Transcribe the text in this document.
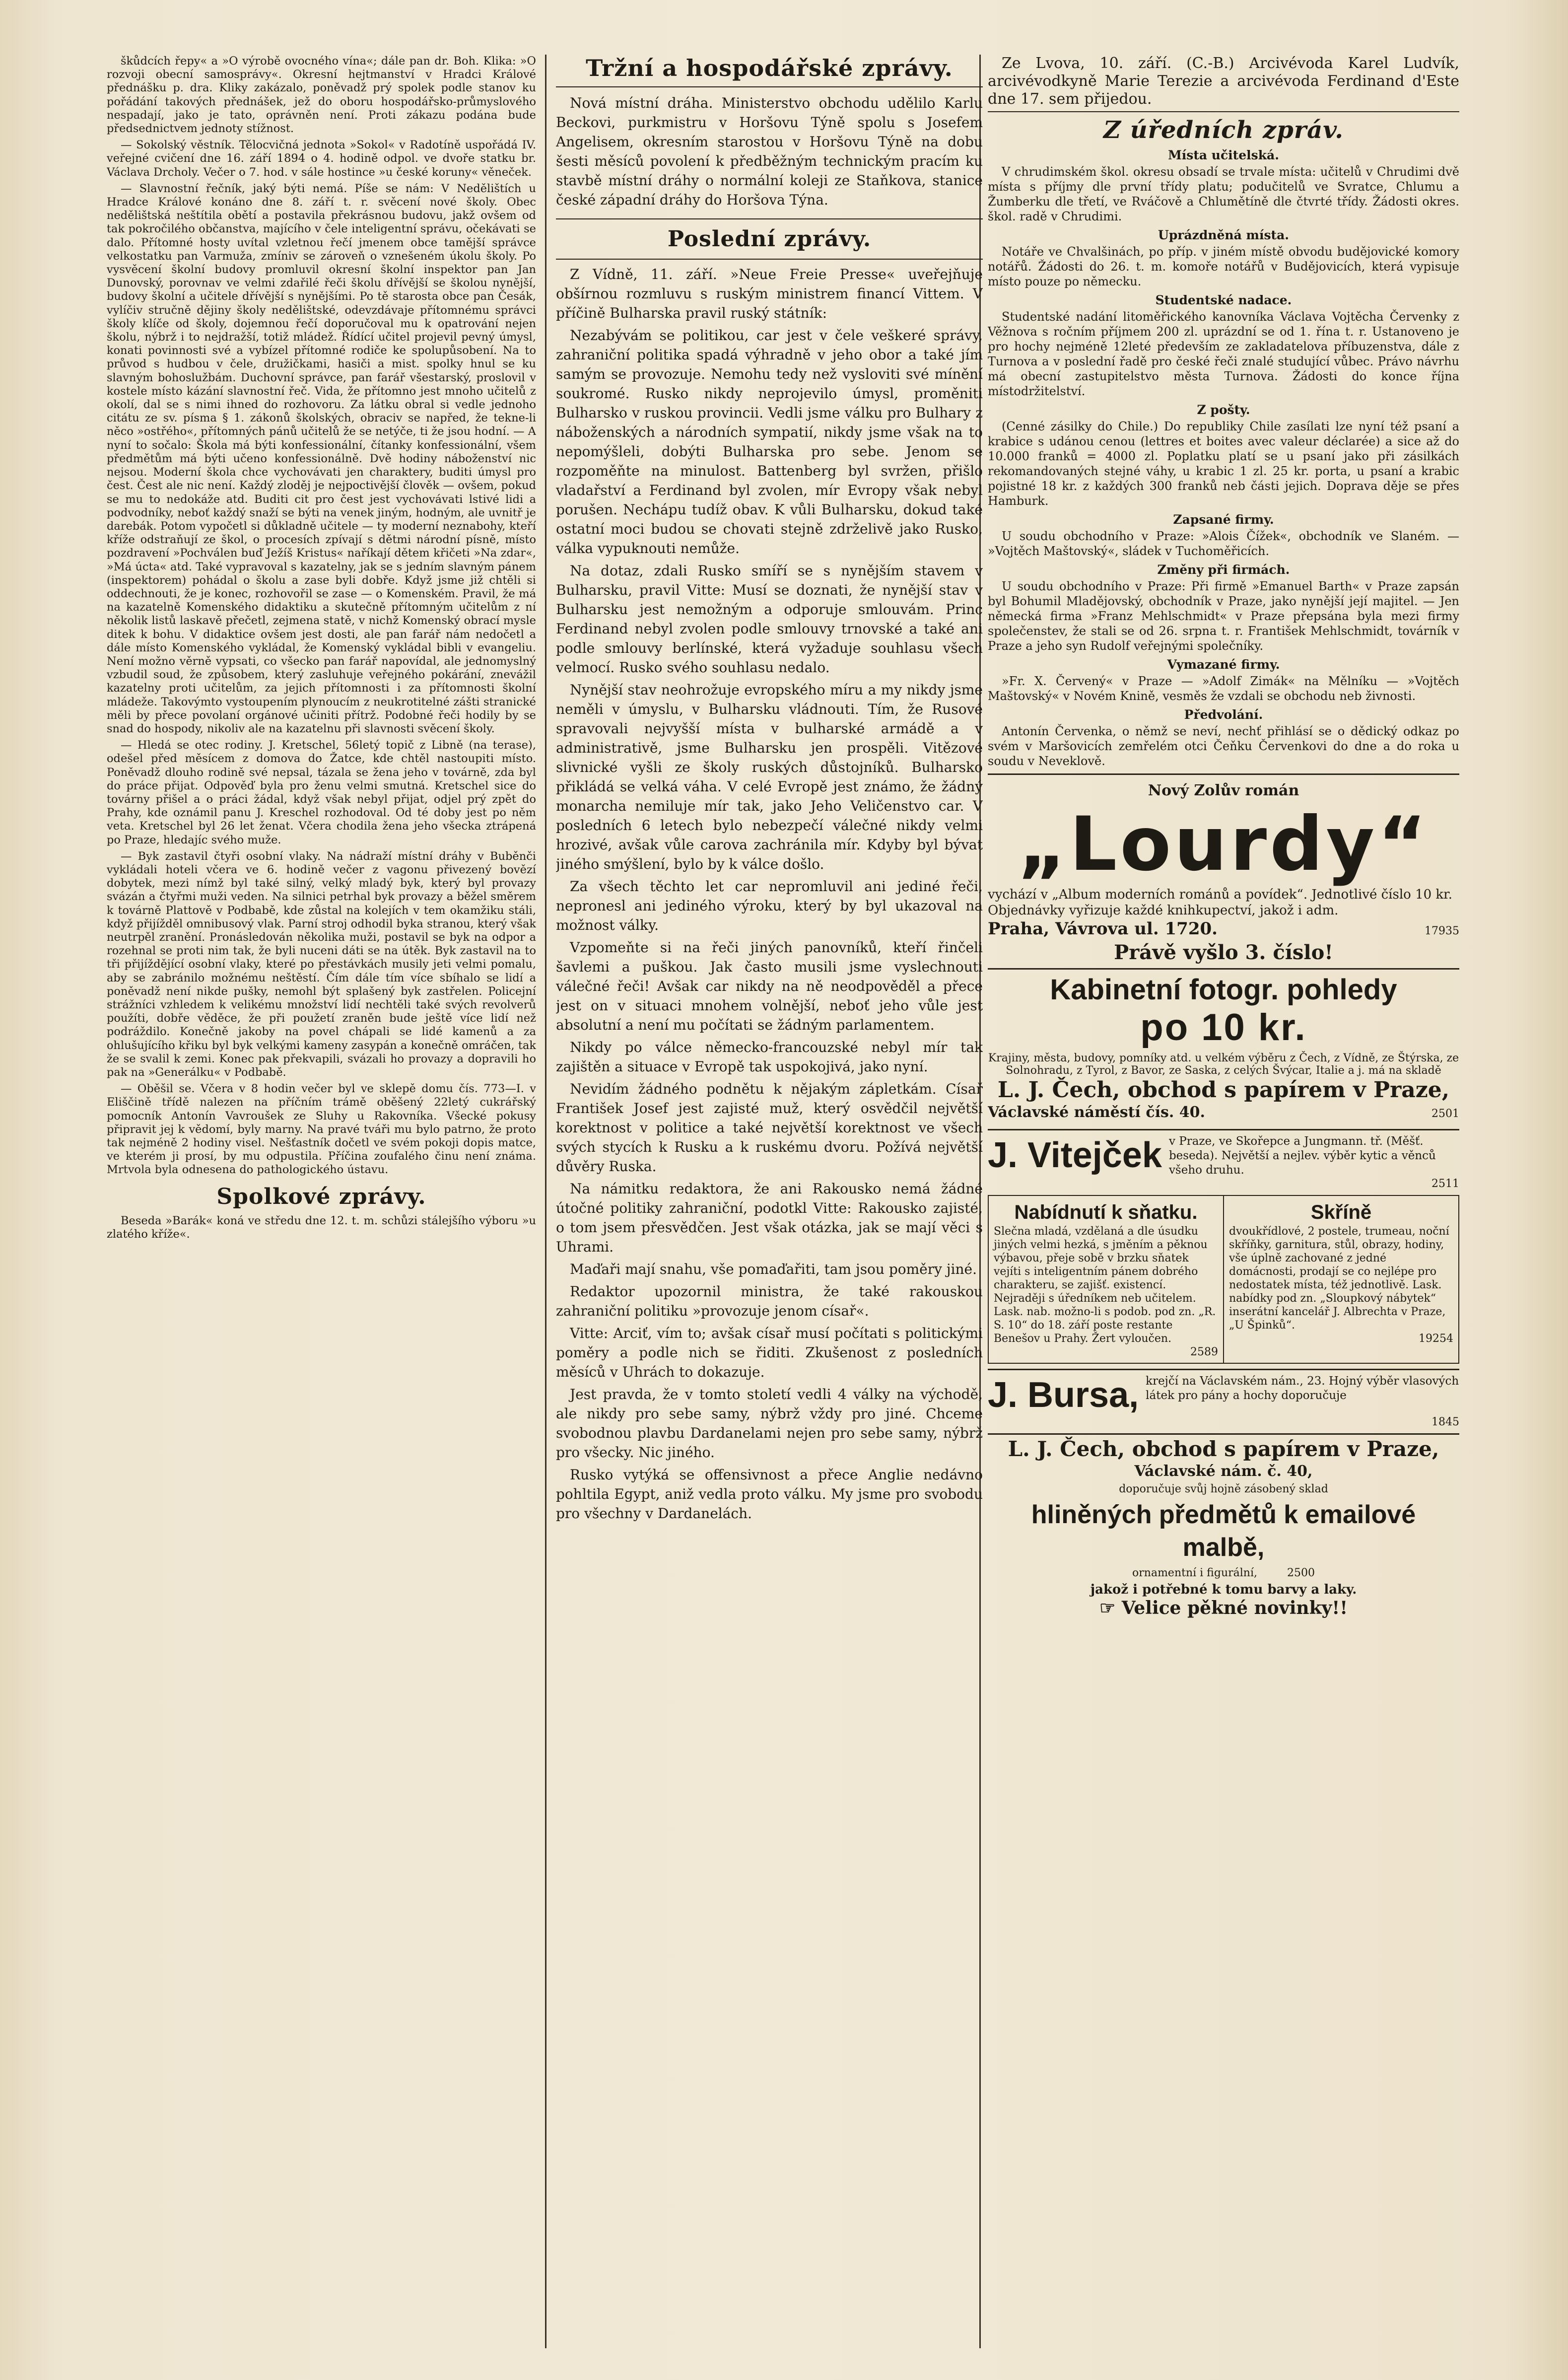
škůdcích řepy« a »O výrobě ovocného vína«; dále pan dr. Boh. Klika: »O rozvoji obecní samosprávy«. Okresní hejtmanství v Hradci Králové přednášku p. dra. Kliky zakázalo, poněvadž prý spolek podle stanov ku pořádání takových přednášek, jež do oboru hospodářsko-průmyslového nespadají, jako je tato, oprávněn není. Proti zákazu podána bude předsednictvem jednoty stížnost.

— Sokolský věstník. Tělocvičná jednota »Sokol« v Radotíně uspořádá IV. veřejné cvičení dne 16. září 1894 o 4. hodině odpol. ve dvoře statku br. Václava Drcholy. Večer o 7. hod. v sále hostince »u české koruny« věneček.

— Slavnostní řečník, jaký býti nemá. Píše se nám: V Nedělištích u Hradce Králové konáno dne 8. září t. r. svěcení nové školy. Obec nedělištská neštítila obětí a postavila překrásnou budovu, jakž ovšem od tak pokročilého občanstva, majícího v čele inteligentní správu, očekávati se dalo. Přítomné hosty uvítal vzletnou řečí jmenem obce tamější správce velkostatku pan Varmuža, zmíniv se zároveň o vznešeném úkolu školy. Po vysvěcení školní budovy promluvil okresní školní inspektor pan Jan Dunovský, porovnav ve velmi zdařilé řeči školu dřívější se školou nynější, budovy školní a učitele dřívější s nynějšími. Po tě starosta obce pan Česák, vylíčiv stručně dějiny školy nedělištské, odevzdávaje přítomnému správci školy klíče od školy, dojemnou řečí doporučoval mu k opatrování nejen školu, nýbrž i to nejdražší, totiž mládež. Řídící učitel projevil pevný úmysl, konati povinnosti své a vybízel přítomné rodiče ke spolupůsobení. Na to průvod s hudbou v čele, družičkami, hasiči a mist. spolky hnul se ku slavným bohoslužbám. Duchovní správce, pan farář všestarský, proslovil v kostele místo kázání slavnostní řeč. Vida, že přítomno jest mnoho učitelů z okolí, dal se s nimi ihned do rozhovoru. Za látku obral si vedle jednoho citátu ze sv. písma § 1. zákonů školských, obraciv se napřed, že tekne-li něco »ostřého«, přítomných pánů učitelů že se netýče, ti že jsou hodní. — A nyní to sočalo: Škola má býti konfessionální, čítanky konfessionální, všem předmětům má býti učeno konfessionálně. Dvě hodiny náboženství nic nejsou. Moderní škola chce vychovávati jen charaktery, buditi úmysl pro čest. Čest ale nic není. Každý zloděj je nejpoctivější člověk — ovšem, pokud se mu to nedokáže atd. Buditi cit pro čest jest vychovávati lstivé lidi a podvodníky, neboť každý snaží se býti na venek jiným, hodným, ale uvnitř je darebák. Potom vypočetl si důkladně učitele — ty moderní neznabohy, kteří kříže odstraňují ze škol, o procesích zpívají s dětmi národní písně, místo pozdravení »Pochválen buď Ježíš Kristus« naříkají dětem křičeti »Na zdar«, »Má úcta« atd. Také vypravoval s kazatelny, jak se s jedním slavným pánem (inspektorem) pohádal o školu a zase byli dobře. Když jsme již chtěli si oddechnouti, že je konec, rozhovořil se zase — o Komenském. Pravil, že má na kazatelně Komenského didaktiku a skutečně přítomným učitelům z ní několik listů laskavě přečetl, zejmena statě, v nichž Komenský obrací mysle ditek k bohu. V didaktice ovšem jest dosti, ale pan farář nám nedočetl a dále místo Komenského vykládal, že Komenský vykládal bibli v evangeliu. Není možno věrně vypsati, co všecko pan farář napovídal, ale jednomyslný vzbudil soud, že způsobem, který zasluhuje veřejného pokárání, znevážil kazatelny proti učitelům, za jejich přítomnosti i za přítomnosti školní mládeže. Takovýmto vystoupením plynoucím z neukrotitelné zášti stranické měli by přece povolaní orgánové učiniti přítrž. Podobné řeči hodily by se snad do hospody, nikoliv ale na kazatelnu při slavnosti svěcení školy.

— Hledá se otec rodiny. J. Kretschel, 56letý topič z Libně (na terase), odešel před měsícem z domova do Žatce, kde chtěl nastoupiti místo. Poněvadž dlouho rodině své nepsal, tázala se žena jeho v továrně, zda byl do práce přijat. Odpověď byla pro ženu velmi smutná. Kretschel sice do továrny přišel a o práci žádal, když však nebyl přijat, odjel prý zpět do Prahy, kde oznámil panu J. Kreschel rozhodoval. Od té doby jest po něm veta. Kretschel byl 26 let ženat. Včera chodila žena jeho všecka ztrápená po Praze, hledajíc svého muže.

— Byk zastavil čtyři osobní vlaky. Na nádraží místní dráhy v Buběnči vykládali hoteli včera ve 6. hodině večer z vagonu přivezený bovězí dobytek, mezi nímž byl také silný, velký mladý byk, který byl provazy svázán a čtyřmi muži veden. Na silnici petrhal byk provazy a běžel směrem k továrně Plattově v Podbabě, kde zůstal na kolejích v tem okamžiku stáli, když přijížděl omnibusový vlak. Parní stroj odhodil byka stranou, který však neutrpěl zranění. Pronásledován několika muži, postavil se byk na odpor a rozehnal se proti nim tak, že byli nuceni dáti se na útěk. Byk zastavil na to tři přijíždějící osobní vlaky, které po přestávkách musily jeti velmi pomalu, aby se zabránilo možnému neštěstí. Čím dále tím více sbíhalo se lidí a poněvadž není nikde pušky, nemohl být splašený byk zastřelen. Policejní strážníci vzhledem k velikému množství lidí nechtěli také svých revolverů použíti, dobře věděce, že při použetí zraněn bude ještě více lidí než podráždilo. Konečně jakoby na povel chápali se lidé kamenů a za ohlušujícího křiku byl byk velkými kameny zasypán a konečně omráčen, tak že se svalil k zemi. Konec pak překvapili, svázali ho provazy a dopravili ho pak na »Generálku« v Podbabě.

— Oběšil se. Včera v 8 hodin večer byl ve sklepě domu čís. 773—I. v Eliščině třídě nalezen na příčním trámě oběšený 22letý cukrářský pomocník Antonín Vavroušek ze Sluhy u Rakovníka. Všecké pokusy připravit jej k vědomí, byly marny. Na pravé tváři mu bylo patrno, že proto tak nejméně 2 hodiny visel. Nešťastník dočetl ve svém pokoji dopis matce, ve kterém ji prosí, by mu odpustila. Příčina zoufalého činu není známa. Mrtvola byla odnesena do pathologického ústavu.

Spolkové zprávy.

Beseda »Barák« koná ve středu dne 12. t. m. schůzi stálejšího výboru »u zlatého kříže«.

Tržní a hospodářské zprávy.

Nová místní dráha. Ministerstvo obchodu udělilo Karlu Beckovi, purkmistru v Horšovu Týně spolu s Josefem Angelisem, okresním starostou v Horšovu Týně na dobu šesti měsíců povolení k předběžným technickým pracím ku stavbě místní dráhy o normální koleji ze Staňkova, stanice české západní dráhy do Horšova Týna.

Poslední zprávy.

Z Vídně, 11. září. »Neue Freie Presse« uveřejňuje obšírnou rozmluvu s ruským ministrem financí Vittem. V příčině Bulharska pravil ruský státník:

Nezabývám se politikou, car jest v čele veškeré správy, zahraniční politika spadá výhradně v jeho obor a také jím samým se provozuje. Nemohu tedy než vysloviti své mínění soukromé. Rusko nikdy neprojevilo úmysl, proměniti Bulharsko v ruskou provincii. Vedli jsme válku pro Bulhary z náboženských a národních sympatií, nikdy jsme však na to nepomýšleli, dobýti Bulharska pro sebe. Jenom se rozpoměňte na minulost. Battenberg byl svržen, přišlo vladařství a Ferdinand byl zvolen, mír Evropy však nebyl porušen. Nechápu tudíž obav. K vůli Bulharsku, dokud také ostatní moci budou se chovati stejně zdrželivě jako Rusko, válka vypuknouti nemůže.

Na dotaz, zdali Rusko smíří se s nynějším stavem v Bulharsku, pravil Vitte: Musí se doznati, že nynější stav v Bulharsku jest nemožným a odporuje smlouvám. Princ Ferdinand nebyl zvolen podle smlouvy trnovské a také ani podle smlouvy berlínské, která vyžaduje souhlasu všech velmocí. Rusko svého souhlasu nedalo.

Nynější stav neohrožuje evropského míru a my nikdy jsme neměli v úmyslu, v Bulharsku vládnouti. Tím, že Rusové spravovali nejvyšší místa v bulharské armádě a v administrativě, jsme Bulharsku jen prospěli. Vitězové slivnické vyšli ze školy ruských důstojníků. Bulharsko přikládá se velká váha. V celé Evropě jest známo, že žádný monarcha nemiluje mír tak, jako Jeho Veličenstvo car. V posledních 6 letech bylo nebezpečí válečné nikdy velmi hrozivé, avšak vůle carova zachránila mír. Kdyby byl bývat jiného smýšlení, bylo by k válce došlo.

Za všech těchto let car nepromluvil ani jediné řeči, nepronesl ani jediného výroku, který by byl ukazoval na možnost války.

Vzpomeňte si na řeči jiných panovníků, kteří řinčeli šavlemi a puškou. Jak často musili jsme vyslechnouti válečné řeči! Avšak car nikdy na ně neodpověděl a přece jest on v situaci mnohem volnější, neboť jeho vůle jest absolutní a není mu počítati se žádným parlamentem.

Nikdy po válce německo-francouzské nebyl mír tak zajištěn a situace v Evropě tak uspokojivá, jako nyní.

Nevidím žádného podnětu k nějakým zápletkám. Císař František Josef jest zajisté muž, který osvědčil největší korektnost v politice a také největší korektnost ve všech svých stycích k Rusku a k ruskému dvoru. Požívá největší důvěry Ruska.

Na námitku redaktora, že ani Rakousko nemá žádné útočné politiky zahraniční, podotkl Vitte: Rakousko zajisté, o tom jsem přesvědčen. Jest však otázka, jak se mají věci s Uhrami.

Maďaři mají snahu, vše pomaďařiti, tam jsou poměry jiné.

Redaktor upozornil ministra, že také rakouskou zahraniční politiku »provozuje jenom císař«.

Vitte: Arciť, vím to; avšak císař musí počítati s politickými poměry a podle nich se řiditi. Zkušenost z posledních měsíců v Uhrách to dokazuje.

Jest pravda, že v tomto století vedli 4 války na východě, ale nikdy pro sebe samy, nýbrž vždy pro jiné. Chceme svobodnou plavbu Dardanelami nejen pro sebe samy, nýbrž pro všecky. Nic jiného.

Rusko vytýká se offensivnost a přece Anglie nedávno pohltila Egypt, aniž vedla proto válku. My jsme pro svobodu pro všechny v Dardanelách.

Ze Lvova, 10. září. (C.-B.) Arcivévoda Karel Ludvík, arcivévodkyně Marie Terezie a arcivévoda Ferdinand d'Este dne 17. sem přijedou.

Z úředních zpráv.
Místa učitelská.

V chrudimském škol. okresu obsadí se trvale místa: učitelů v Chrudimi dvě místa s příjmy dle první třídy platu; podučitelů ve Svratce, Chlumu a Žumberku dle třetí, ve Rváčově a Chlumětíně dle čtvrté třídy. Žádosti okres. škol. radě v Chrudimi.

Uprázdněná místa.

Notáře ve Chvalšinách, po příp. v jiném místě obvodu budějovické komory notářů. Žádosti do 26. t. m. komoře notářů v Budějovicích, která vypisuje místo pouze po německu.

Studentské nadace.

Studentské nadání litoměřického kanovníka Václava Vojtěcha Červenky z Věžnova s ročním příjmem 200 zl. uprázdní se od 1. řína t. r. Ustanoveno je pro hochy nejméně 12leté především ze zakladatelova příbuzenstva, dále z Turnova a v poslední řadě pro české řeči znalé studující vůbec. Právo návrhu má obecní zastupitelstvo města Turnova. Žádosti do konce října místodržitelství.

Z pošty.

(Cenné zásilky do Chile.) Do republiky Chile zasílati lze nyní též psaní a krabice s udánou cenou (lettres et boites avec valeur déclarée) a sice až do 10.000 franků = 4000 zl. Poplatku platí se u psaní jako při zásilkách rekomandovaných stejné váhy, u krabic 1 zl. 25 kr. porta, u psaní a krabic pojistné 18 kr. z každých 300 franků neb části jejich. Dopravа děje se přes Hamburk.

Zapsané firmy.

U soudu obchodního v Praze: »Alois Čížek«, obchodník ve Slaném. — »Vojtěch Maštovský«, sládek v Tuchoměřicích.

Změny při firmách.

U soudu obchodního v Praze: Při firmě »Emanuel Barth« v Praze zapsán byl Bohumil Mladějovský, obchodník v Praze, jako nynější její majitel. — Jen německá firma »Franz Mehlschmidt« v Praze přepsána byla mezi firmy společenstev, že stali se od 26. srpna t. r. František Mehlschmidt, továrník v Praze a jeho syn Rudolf veřejnými společníky.

Vymazané firmy.

»Fr. X. Červený« v Praze — »Adolf Zimák« na Mělníku — »Vojtěch Maštovský« v Novém Knině, vesměs že vzdali se obchodu neb živnosti.

Předvolání.

Antonín Červenka, o němž se neví, nechť přihlásí se o dědický odkaz po svém v Maršovicích zemřelém otci Čeňku Červenkovi do dne a do roka u soudu v Neveklově.

Nový Zolův román
„Lourdy“
vychází v „Album moderních románů a povídek“. Jednotlivé číslo 10 kr. Objednávky vyřizuje každé knihkupectví, jakož i adm.
Praha, Vávrova ul. 1720.	17935
Právě vyšlo 3. číslo!
Kabinetní fotogr. pohledy
po 10 kr.
Krajiny, města, budovy, pomníky atd. u velkém výběru z Čech, z Vídně, ze Štýrska, ze Solnohradu, z Tyrol, z Bavor, ze Saska, z celých Švýcar, Italie a j. má na skladě
L. J. Čech, obchod s papírem v Praze,
Václavské náměstí čís. 40.	2501
J. Vitejček v Praze, ve Skořepce a Jungmann. tř. (Měšť. beseda). Největší a nejlev. výběr kytic a věnců všeho druhu.
2511
Nabídnutí k sňatku.
Slečna mladá, vzdělaná a dle úsudku jiných velmi hezká, s jměním a pěknou výbavou, přeje sobě v brzku sňatek vejíti s inteligentním pánem dobrého charakteru, se zajišť. existencí. Nejraději s úředníkem neb učitelem. Lask. nab. možno-li s podob. pod zn. „R. S. 10“ do 18. září poste restante Benešov u Prahy. Žert vyloučen.
2589
Skříně
dvoukřídlové, 2 postele, trumeau, noční skříňky, garnitura, stůl, obrazy, hodiny, vše úplně zachované z jedné domácnosti, prodají se co nejlépe pro nedostatek místa, též jednotlivě. Lask. nabídky pod zn. „Sloupkový nábytek“ inserátní kancelář J. Albrechta v Praze, „U Špinků“.
19254
J. Bursa, krejčí na Václavském nám., 23. Hojný výběr vlasových látek pro pány a hochy doporučuje
1845
L. J. Čech, obchod s papírem v Praze,
Václavské nám. č. 40,
doporučuje svůj hojně zásobený sklad
hliněných předmětů k emailové malbě,
ornamentní i figurální,	2500
jakož i potřebné k tomu barvy a laky.
☞ Velice pěkné novinky!!
